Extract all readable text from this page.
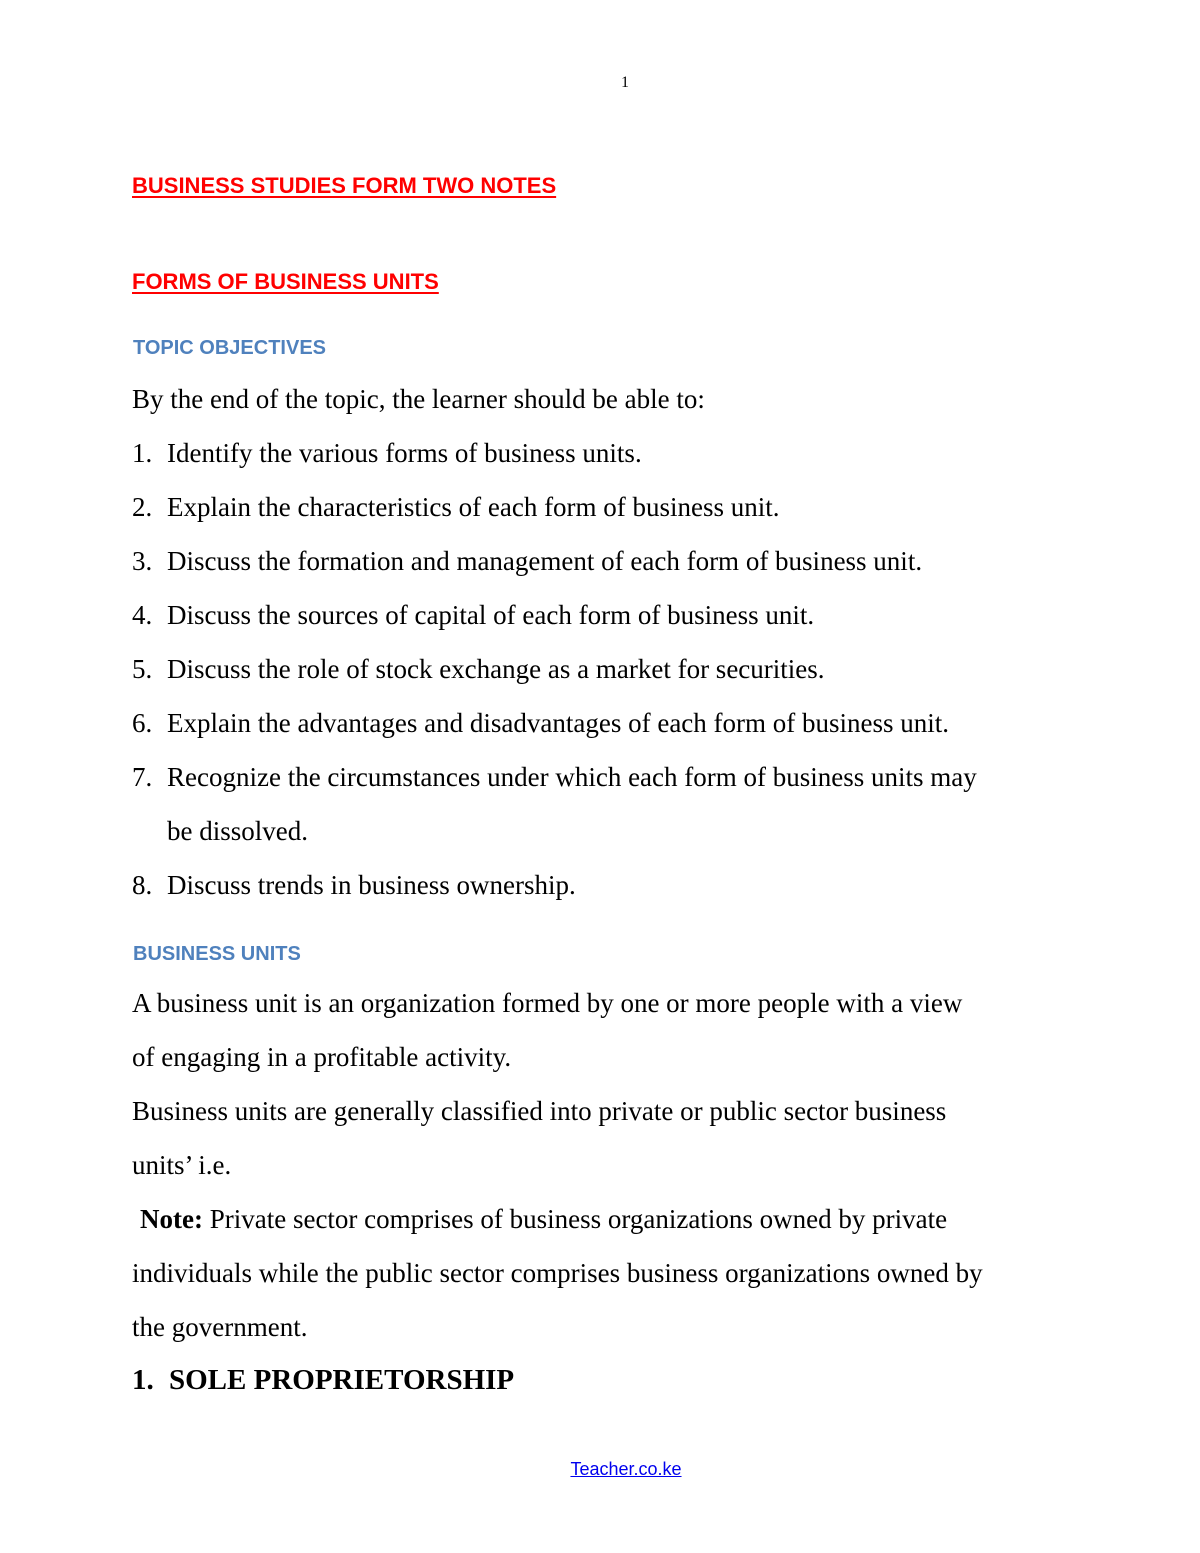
1
BUSINESS STUDIES FORM TWO NOTES
FORMS OF BUSINESS UNITS
TOPIC OBJECTIVES
By the end of the topic, the learner should be able to:
1. Identify the various forms of business units.
2. Explain the characteristics of each form of business unit.
3. Discuss the formation and management of each form of business unit.
4. Discuss the sources of capital of each form of business unit.
5. Discuss the role of stock exchange as a market for securities.
6. Explain the advantages and disadvantages of each form of business unit.
7. Recognize the circumstances under which each form of business units may
be dissolved.
8. Discuss trends in business ownership.
BUSINESS UNITS
A business unit is an organization formed by one or more people with a view
of engaging in a profitable activity.
Business units are generally classified into private or public sector business
units’ i.e.
Note: Private sector comprises of business organizations owned by private
individuals while the public sector comprises business organizations owned by
the government.
1. SOLE PROPRIETORSHIP
Teacher.co.ke
